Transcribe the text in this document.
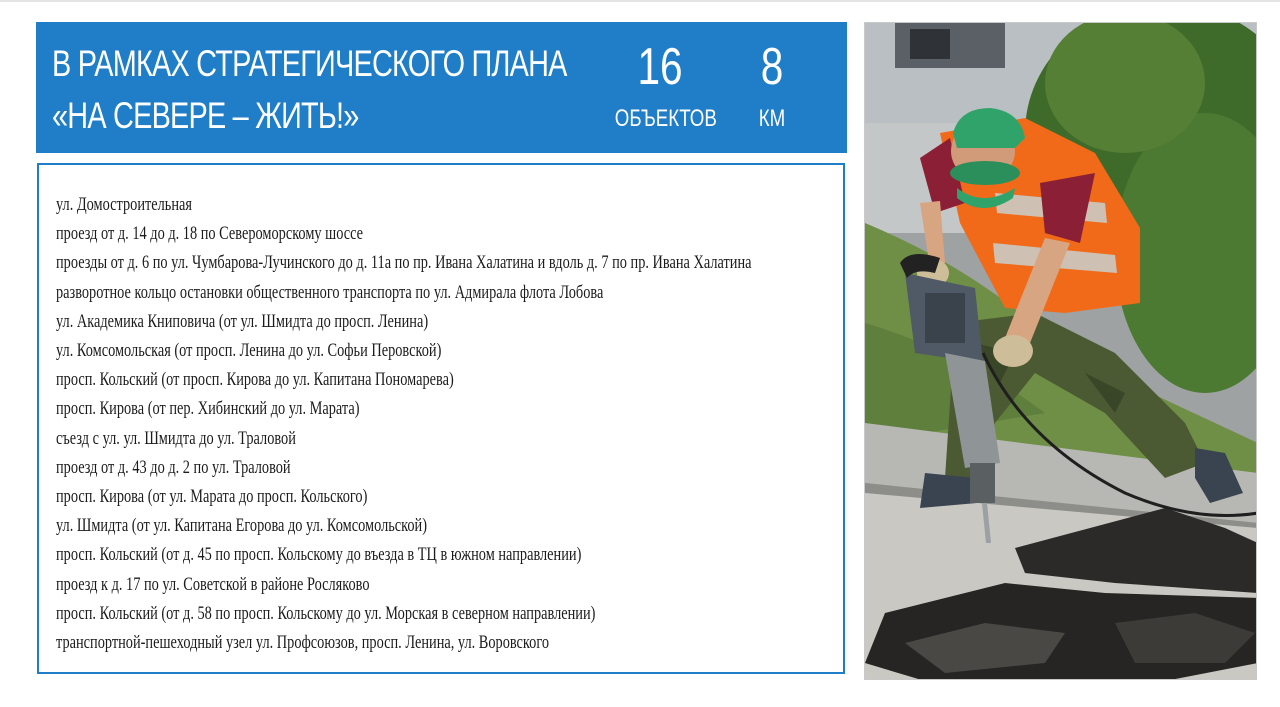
В РАМКАХ СТРАТЕГИЧЕСКОГО ПЛАНА
«НА СЕВЕРЕ – ЖИТЬ!»
16
ОБЪЕКТОВ
8
КМ
ул. Домостроительная
проезд от д. 14 до д. 18 по Североморскому шоссе
проезды от д. 6 по ул. Чумбарова-Лучинского до д. 11а по пр. Ивана Халатина и вдоль д. 7 по пр. Ивана Халатина
разворотное кольцо остановки общественного транспорта по ул. Адмирала флота Лобова
ул. Академика Книповича (от ул. Шмидта до просп. Ленина)
ул. Комсомольская (от просп. Ленина до ул. Софьи Перовской)
просп. Кольский (от просп. Кирова до ул. Капитана Пономарева)
просп. Кирова (от пер. Хибинский до ул. Марата)
съезд с ул. ул. Шмидта до ул. Траловой
проезд от д. 43 до д. 2 по ул. Траловой
просп. Кирова (от ул. Марата до просп. Кольского)
ул. Шмидта (от ул. Капитана Егорова до ул. Комсомольской)
просп. Кольский (от д. 45 по просп. Кольскому до въезда в ТЦ в южном направлении)
проезд к д. 17 по ул. Советской в районе Росляково
просп. Кольский (от д. 58 по просп. Кольскому до ул. Морская в северном направлении)
транспортной-пешеходный узел ул. Профсоюзов, просп. Ленина, ул. Воровского
